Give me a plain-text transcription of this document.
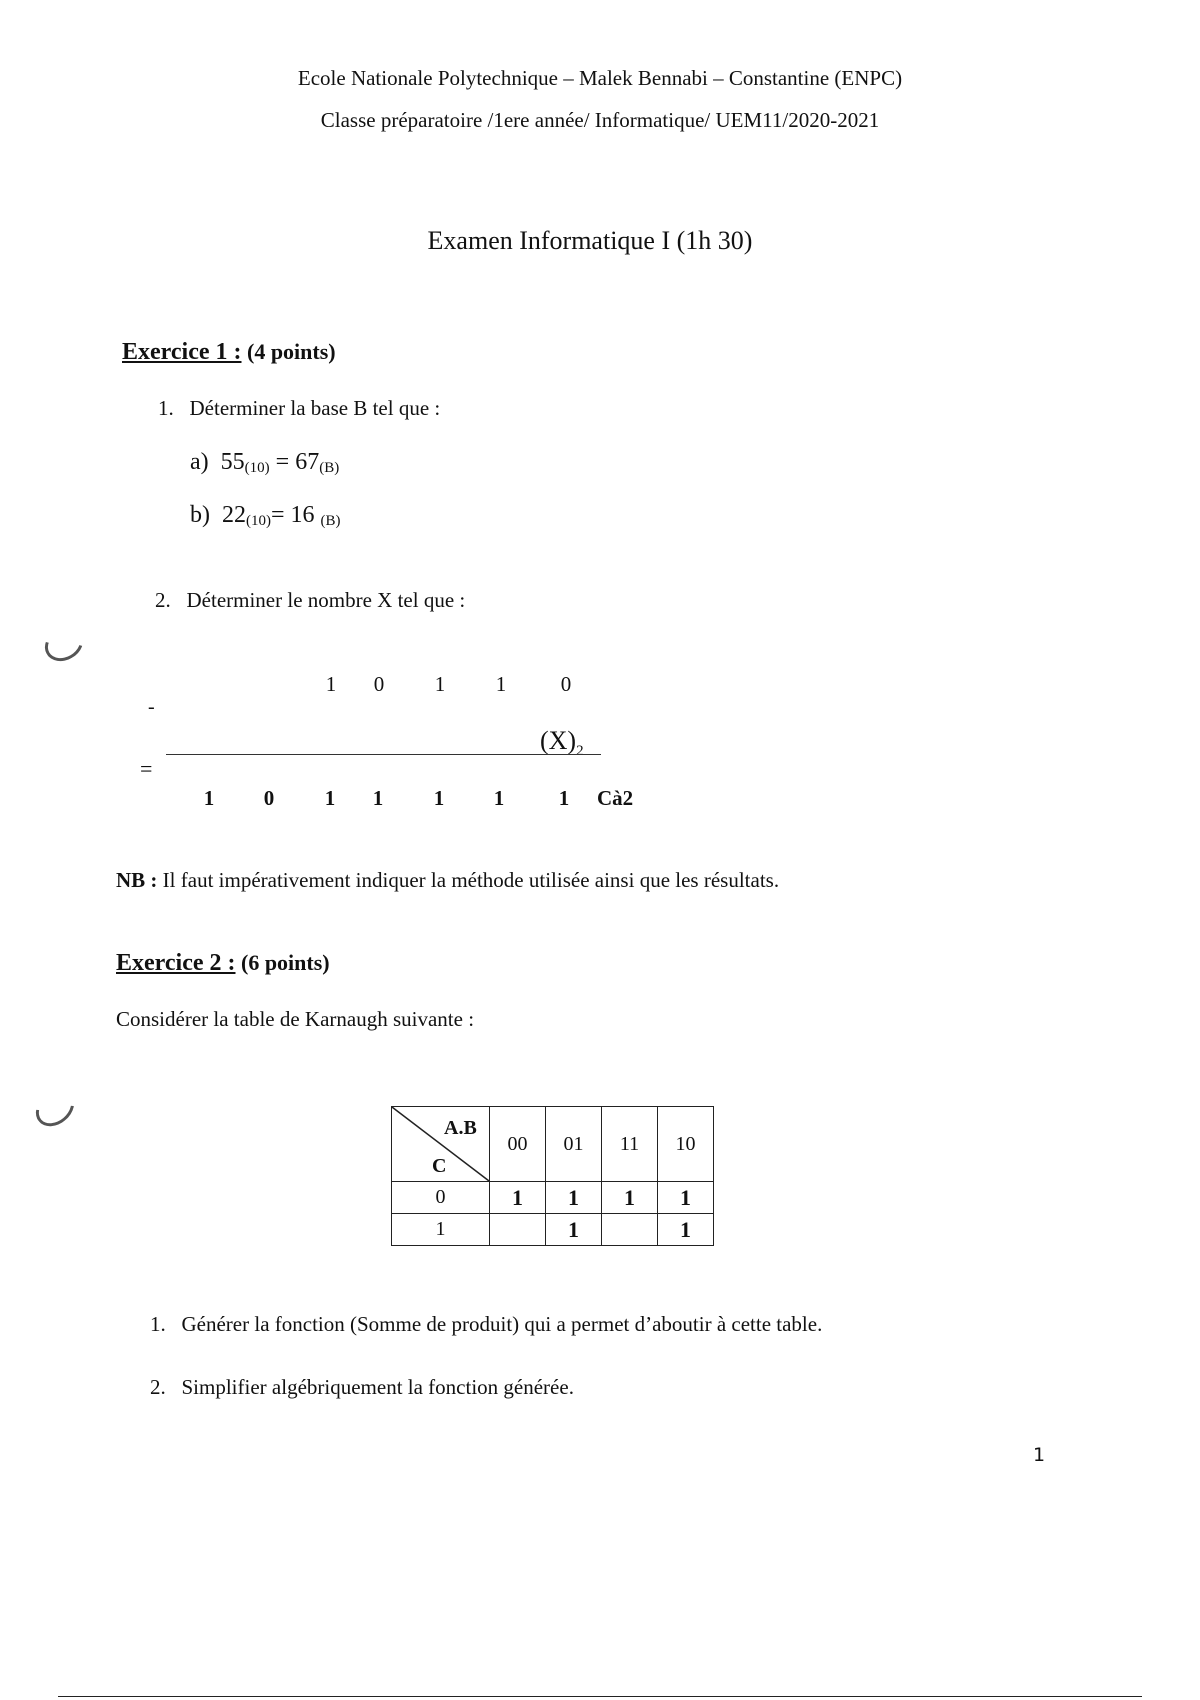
Ecole Nationale Polytechnique – Malek Bennabi – Constantine (ENPC)
Classe préparatoire /1ere année/ Informatique/ UEM11/2020-2021
Examen Informatique I (1h 30)
Exercice 1 : (4 points)
1. Déterminer la base B tel que :
a) $55_{(10)} = 67_{(B)}$
b) $22_{(10)}= 16$ $_{(B)}$
2. Déterminer le nombre X tel que :
-
1	0	1	1	0
$(X)_2$
=
1	0	1	1	1	1	1	Cà2
NB : Il faut impérativement indiquer la méthode utilisée ainsi que les résultats.
Exercice 2 : (6 points)
Considérer la table de Karnaugh suivante :
A.B
C	00	01	11	10
0	1	1	1	1
1		1		1
1. Générer la fonction (Somme de produit) qui a permet d’aboutir à cette table.
2. Simplifier algébriquement la fonction générée.
1
